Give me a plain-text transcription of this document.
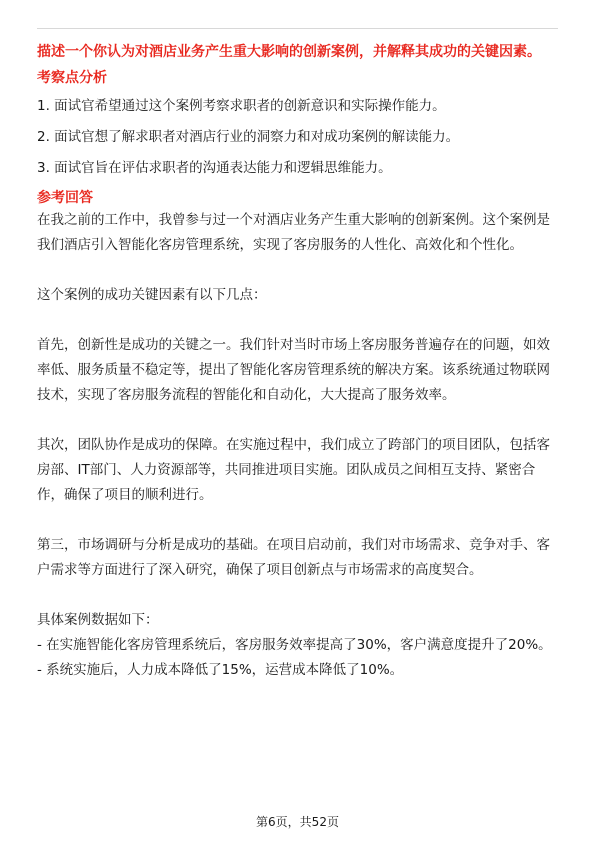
描述一个你认为对酒店业务产生重大影响的创新案例，并解释其成功的关键因素。

考察点分析

1. 面试官希望通过这个案例考察求职者的创新意识和实际操作能力。
2. 面试官想了解求职者对酒店行业的洞察力和对成功案例的解读能力。
3. 面试官旨在评估求职者的沟通表达能力和逻辑思维能力。

参考回答

在我之前的工作中，我曾参与过一个对酒店业务产生重大影响的创新案例。这个案例是我们酒店引入智能化客房管理系统，实现了客房服务的人性化、高效化和个性化。

这个案例的成功关键因素有以下几点：

首先，创新性是成功的关键之一。我们针对当时市场上客房服务普遍存在的问题，如效率低、服务质量不稳定等，提出了智能化客房管理系统的解决方案。该系统通过物联网技术，实现了客房服务流程的智能化和自动化，大大提高了服务效率。

其次，团队协作是成功的保障。在实施过程中，我们成立了跨部门的项目团队，包括客房部、IT部门、人力资源部等，共同推进项目实施。团队成员之间相互支持、紧密合作，确保了项目的顺利进行。

第三，市场调研与分析是成功的基础。在项目启动前，我们对市场需求、竞争对手、客户需求等方面进行了深入研究，确保了项目创新点与市场需求的高度契合。

具体案例数据如下：

- 在实施智能化客房管理系统后，客房服务效率提高了30%，客户满意度提升了20%。

- 系统实施后，人力成本降低了15%，运营成本降低了10%。

第6页，共52页
